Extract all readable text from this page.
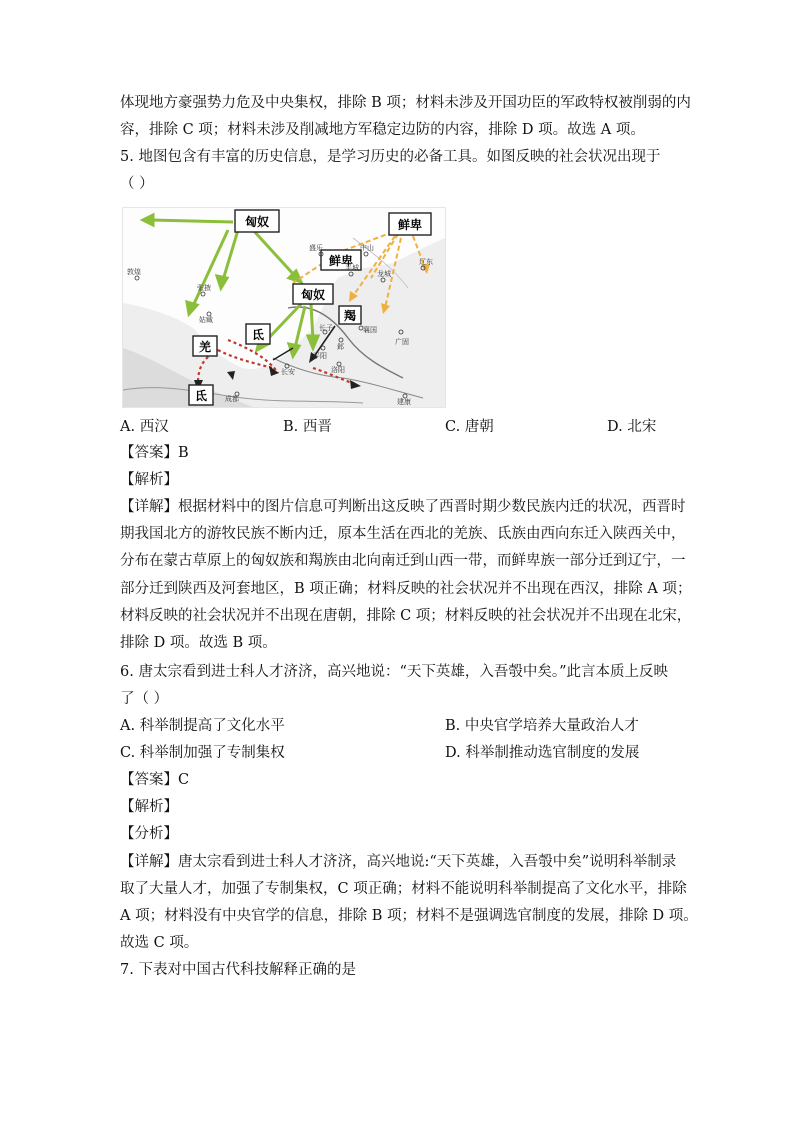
体现地方豪强势力危及中央集权，排除 B 项；材料未涉及开国功臣的军政特权被削弱的内
容，排除 C 项；材料未涉及削减地方军稳定边防的内容，排除 D 项。故选 A 项。
5. 地图包含有丰富的历史信息，是学习历史的必备工具。如图反映的社会状况出现于
（ ）
匈奴	鲜卑
鲜卑
匈奴
羯
氐
羌
氐
敦煌
张掖
姑臧
盛乐
平城
中山
龙城
辽东
襄国
广固
长子
邺
平阳
洛阳
长安
成都	建康
A. 西汉	B. 西晋	C. 唐朝	D. 北宋
【答案】B
【解析】
【详解】根据材料中的图片信息可判断出这反映了西晋时期少数民族内迁的状况，西晋时
期我国北方的游牧民族不断内迁，原本生活在西北的羌族、氐族由西向东迁入陕西关中，
分布在蒙古草原上的匈奴族和羯族由北向南迁到山西一带，而鲜卑族一部分迁到辽宁，一
部分迁到陕西及河套地区，B 项正确；材料反映的社会状况并不出现在西汉，排除 A 项；
材料反映的社会状况并不出现在唐朝，排除 C 项；材料反映的社会状况并不出现在北宋，
排除 D 项。故选 B 项。
6. 唐太宗看到进士科人才济济，高兴地说：“天下英雄，入吾彀中矣。”此言本质上反映
了（ ）
A. 科举制提高了文化水平	B. 中央官学培养大量政治人才
C. 科举制加强了专制集权	D. 科举制推动选官制度的发展
【答案】C
【解析】
【分析】
【详解】唐太宗看到进士科人才济济，高兴地说:“天下英雄，入吾彀中矣”说明科举制录
取了大量人才，加强了专制集权，C 项正确；材料不能说明科举制提高了文化水平，排除
A 项；材料没有中央官学的信息，排除 B 项；材料不是强调选官制度的发展，排除 D 项。
故选 C 项。
7. 下表对中国古代科技解释正确的是
